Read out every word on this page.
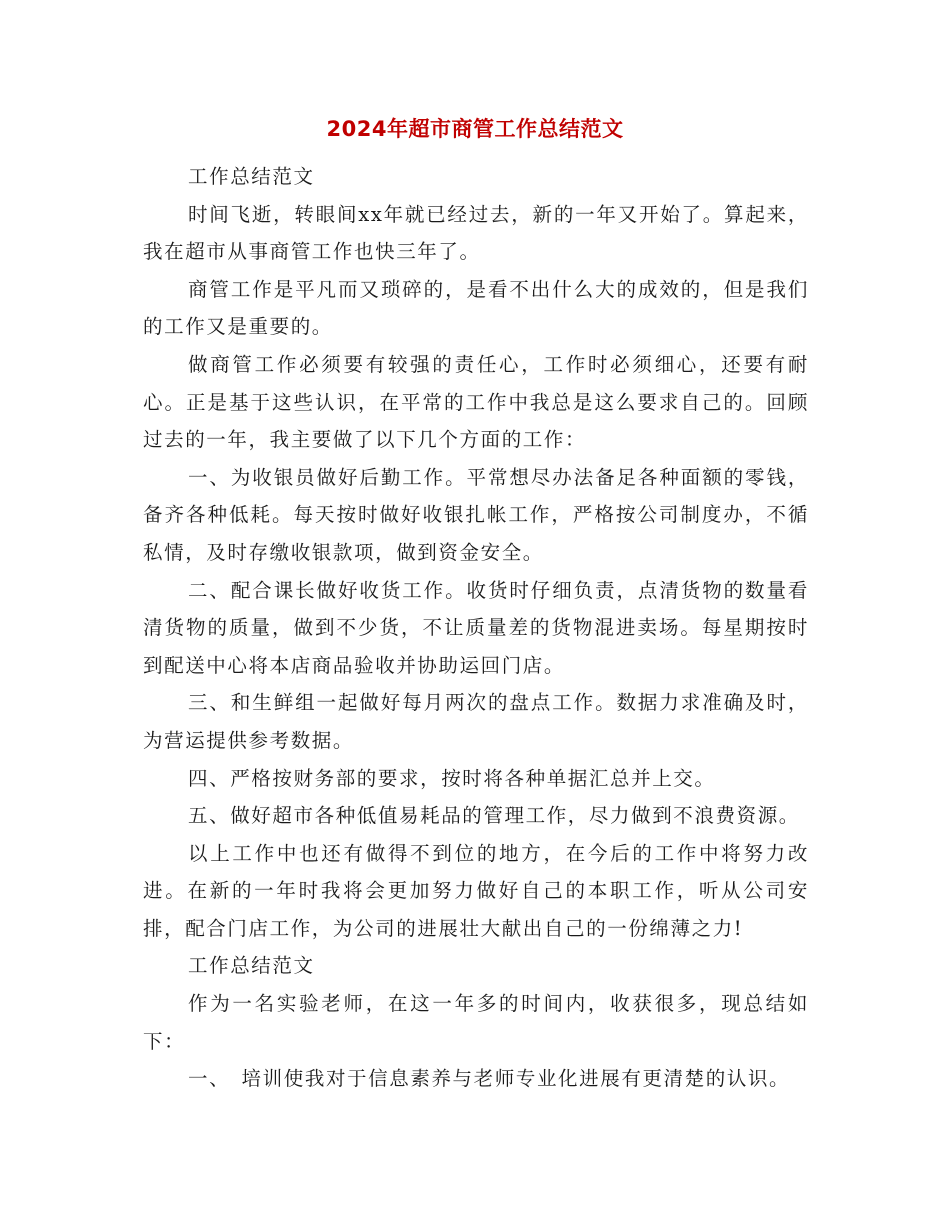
2024年超市商管工作总结范文

工作总结范文

时间飞逝，转眼间xx年就已经过去，新的一年又开始了。算起来，我在超市从事商管工作也快三年了。

商管工作是平凡而又琐碎的，是看不出什么大的成效的，但是我们的工作又是重要的。

做商管工作必须要有较强的责任心，工作时必须细心，还要有耐心。正是基于这些认识，在平常的工作中我总是这么要求自己的。回顾过去的一年，我主要做了以下几个方面的工作：

一、为收银员做好后勤工作。平常想尽办法备足各种面额的零钱，备齐各种低耗。每天按时做好收银扎帐工作，严格按公司制度办，不循私情，及时存缴收银款项，做到资金安全。

二、配合课长做好收货工作。收货时仔细负责，点清货物的数量看清货物的质量，做到不少货，不让质量差的货物混进卖场。每星期按时到配送中心将本店商品验收并协助运回门店。

三、和生鲜组一起做好每月两次的盘点工作。数据力求准确及时，为营运提供参考数据。

四、严格按财务部的要求，按时将各种单据汇总并上交。

五、做好超市各种低值易耗品的管理工作，尽力做到不浪费资源。

以上工作中也还有做得不到位的地方，在今后的工作中将努力改进。在新的一年时我将会更加努力做好自己的本职工作，听从公司安排，配合门店工作，为公司的进展壮大献出自己的一份绵薄之力!

工作总结范文

作为一名实验老师，在这一年多的时间内，收获很多，现总结如下：

一、　培训使我对于信息素养与老师专业化进展有更清楚的认识。
